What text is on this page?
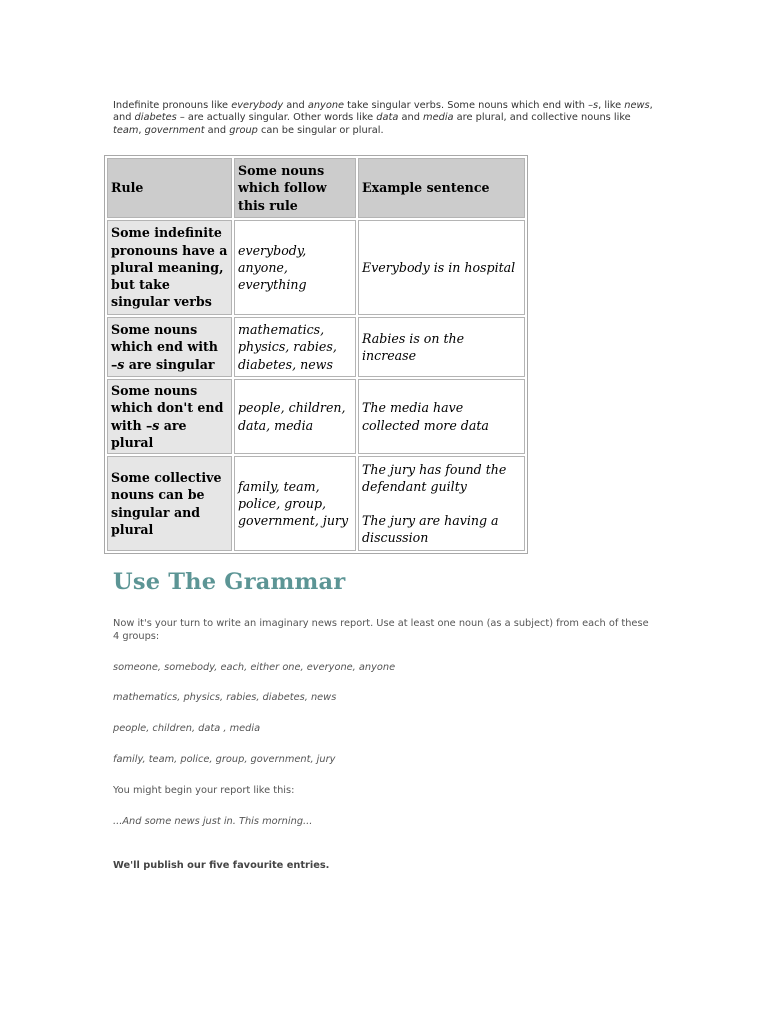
Indefinite pronouns like everybody and anyone take singular verbs. Some nouns which end with –s, like news, and diabetes – are actually singular. Other words like data and media are plural, and collective nouns like team, government and group can be singular or plural.

Rule	Some nouns which follow this rule	Example sentence
Some indefinite pronouns have a plural meaning, but take singular verbs	everybody, anyone, everything	Everybody is in hospital
Some nouns which end with –s are singular	mathematics, physics, rabies, diabetes, news	Rabies is on the increase
Some nouns which don't end with –s are plural	people, children, data, media	The media have collected more data
Some collective nouns can be singular and plural	family, team, police, group, government, jury	The jury has found the defendant guilty
The jury are having a discussion
Use The Grammar

Now it's your turn to write an imaginary news report. Use at least one noun (as a subject) from each of these 4 groups:

someone, somebody, each, either one, everyone, anyone

mathematics, physics, rabies, diabetes, news

people, children, data , media

family, team, police, group, government, jury

You might begin your report like this:

...And some news just in. This morning...

We'll publish our five favourite entries.
